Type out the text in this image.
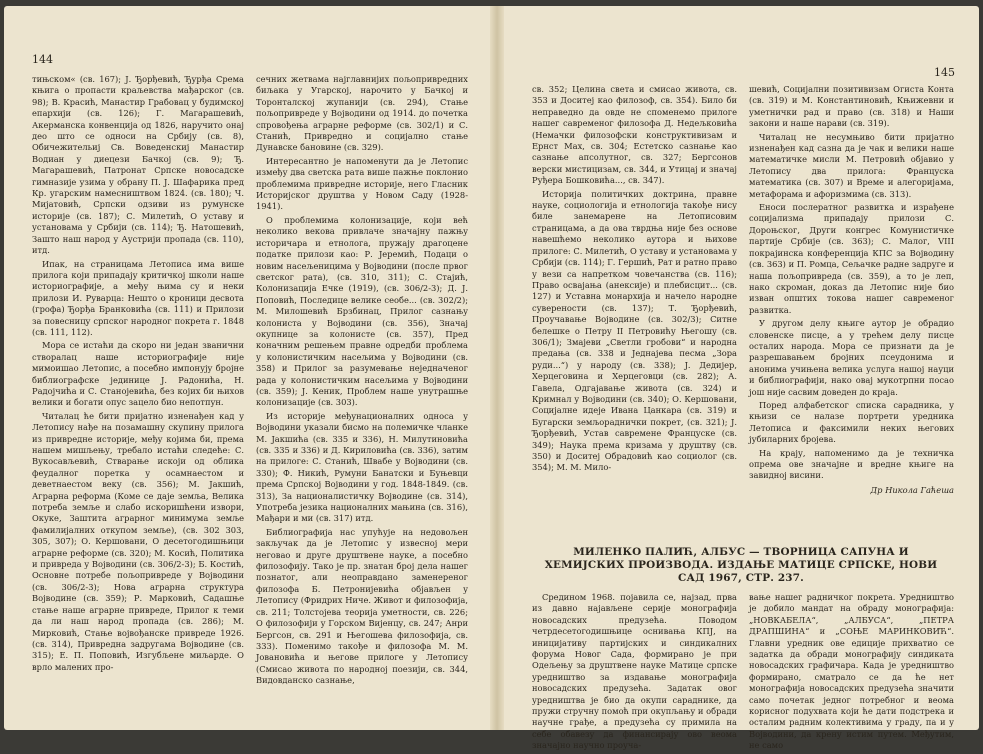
144

тињском« (св. 167); Ј. Ђорђевић, Ђурђа Срема књига о пропасти краљевства мађарског (св. 98); В. Красић, Манастир Грабовац у будимској епархији (св. 126); Г. Магарашевић, Акерманска конвенција од 1826, наручито онај део што се односи на Србију (св. 8), Обичежительиј Св. Воведенскиј Манастир Водиан у диецези Бачкој (св. 9); Ђ. Магарашевић, Патронат Српске новосадске гимназије узима у обрану П. Ј. Шафарика пред Кр. угарским намесништвом 1824. (св. 180); Ч. Мијатовић, Српски одзиви из румунске историје (св. 187); С. Милетић, О уставу и установама у Србији (св. 114); Ђ. Натошевић, Зашто наш народ у Аустрији пропада (св. 110), итд.

Ипак, на страницама Летописа има више прилога који припадају критичкој школи наше историографије, а међу њима су и неки прилози И. Руварца: Нешто о кроници десвота (грофа) Ђорђа Бранковића (св. 111) и Прилози за повесницу српског народног покрета г. 1848 (св. 111, 112).

Мора се истаћи да скоро ни један званични створалац наше историографије није мимоишао Летопис, а посебно импонују бројне библиографске јединице Ј. Радонића, Н. Радојчића и С. Станојевића, без којих би њихов велики и богати опус зацело био непотпун.

Читалац ће бити пријатно изненађен кад у Летопису нађе на позамашну скупину прилога из привредне историје, међу којима би, према нашем мишљењу, требало истаћи следеће: С. Вукосављевић, Стварање искоји од облика феудалног поретка у осамнаестом и деветнаестом веку (св. 356); М. Јакшић, Аграрна реформа (Коме се даје земља, Велика потреба земље и слабо искоришћени извори, Окуке, Заштита аграрног минимума земље фамилијалних откупом земље), (св. 302 303, 305, 307); О. Кершовани, О десетогодишњици аграрне реформе (св. 320); М. Косић, Политика и привреда у Војводини (св. 306/2-3); Б. Костић, Основне потребе пољопривреде у Војводини (св. 306/2-3); Нова аграрна структура Војводине (св. 359); Р. Марковић, Садашње стање наше аграрне привреде, Прилог к теми да ли наш народ пропада (св. 286); М. Мирковић, Стање војвођанске привреде 1926. (св. 314), Привредна задругама Војводине (св. 315); Е. П. Поповић, Изгубљене миљарде. О врло малених про-

сечних жетвама најглавнијих пољопривредних биљака у Угарској, нарочито у Бачкој и Торонталској жупанији (св. 294), Стање пољопривреде у Војводини од 1914. до почетка спровођења аграрне реформе (св. 302/1) и С. Станић, Привредно и социјално стање Дунавске бановине (св. 329).

Интересантно је напоменути да је Летопис између два светска рата више пажње поклонио проблемима привредне историје, него Гласник Историјског друштва у Новом Саду (1928-1941).

О проблемима колонизације, који већ неколико векова привлаче значајну пажњу историчара и етнолога, пружају драгоцене податке прилози као: Р. Јеремић, Подаци о новим насељеницима у Војводини (после првог светског рата), (св. 310, 311); С. Стајић, Колонизација Ечке (1919), (св. 306/2-3); Д. Ј. Поповић, Последице велике сеобе... (св. 302/2); М. Милошевић Брзбинац, Прилог сазнању колониста у Војводини (св. 356), Значај окупнице за колонисте (св. 357), Пред коначним решењем правне одредби проблема у колонистичким насељима у Војводини (св. 358) и Прилог за разумевање неједначеног рада у колонистичким насељима у Војводини (св. 359); Ј. Кеник, Проблем наше унутрашње колонизације (св. 303).

Из историје међунационалних односа у Војводини указали бисмо на полемичке чланке М. Јакшића (св. 335 и 336), Н. Милутиновића (св. 335 и 336) и Д. Кириловића (св. 336), затим на прилоге: С. Станић, Швабе у Војводини (св. 330); Ф. Никић, Румуни Банатски и Буњевци према Српској Војводини у год. 1848-1849. (св. 313), За националистичку Војводине (св. 314), Употреба језика националних мањина (св. 316), Мађари и ми (св. 317) итд.

Библиографија нас упућује на недовољен закључак да је Летопис у извесној мери неговао и друге друштвене науке, а посебно филозофију. Тако је пр. знатан број дела нашег познатог, али неоправдано заменереног филозофа Б. Петронијевића објављен у Летопису (Фридрих Ниче. Живот и филозофија, св. 211; Толстојева теорија уметности, св. 226; О филозофији у Горском Вијенцу, св. 247; Анри Бергсон, св. 291 и Његошева филозофија, св. 333). Поменимо такође и филозофа М. М. Јовановића и његове прилоге у Летопису (Смисао живота по народној поезији, св. 344, Видовданско сазнање,

145

св. 352; Целина света и смисао живота, св. 353 и Доситеј као филозоф, св. 354). Било би неправедно да овде не споменемо прилоге нашег савременог филозофа Д. Недељковића (Немачки филозофски конструктивизам и Ернст Мах, св. 304; Естетско сазнање као сазнање апсолутног, св. 327; Бергсонов верски мистицизам, св. 344, и Утицај и значај Руђера Бошковића..., св. 347).

Историја политичких доктрина, правне науке, социологија и етнологија такође нису биле занемарене на Летописовим страницама, а да ова тврдња није без основе навешћемо неколико аутора и њихове прилоге: С. Милетић, О уставу и установама у Србији (св. 114); Г. Гершић, Рат и ратно право у вези са напретком човечанства (св. 116); Право освајања (анексије) и плебисцит... (св. 127) и Уставна монархија и начело народне суверености (св. 137); Т. Ђорђевић, Проучавање Војводине (св. 302/3); Ситне белешке о Петру II Петровићу Његошу (св. 306/1); Змајеви „Светли гробови“ и народна предања (св. 338 и Једнајева песма „Зора руди...“) у народу (св. 338); Ј. Дедијер, Херцеговина и Херцеговци (св. 282); А. Гавела, Одгајавање живота (св. 324) и Кримнал у Војводини (св. 340); О. Кершовани, Социјалне идеје Ивана Цанкара (св. 319) и Бугарски земљораднички покрет, (св. 321); Ј. Ђорђевић, Устав савремене Француске (св. 349); Наука према кризама у друштву (св. 350) и Доситеј Обрадовић као социолог (св. 354); М. М. Мило-

шевић, Социјални позитивизам Огиста Конта (св. 319) и М. Константиновић, Књижевни и уметнички рад и право (св. 318) и Наши закони и наше нарави (св. 319).

Читалац не несумњиво бити пријатно изненађен кад сазна да је чак и велики наше математичке мисли М. Петровић објавио у Летопису два прилога: Француска математика (св. 307) и Време и алегоријама, метафорама и афоризмима (св. 313).

Еноси послератног развитка и израђене социјализма припадају прилози С. Дороњског, Други конгрес Комунистичке партије Србије (св. 363); С. Малог, VIII покрајинска конференција КПС за Војводину (св. 363) и П. Ромца, Сељачке радне задруге и наша пољопривреда (св. 359), а то је леп, нако скроман, доказ да Летопис није био изван општих токова нашег савременог развитка.

У другом делу књиге аутор је обрадио словенске писце, а у трећем делу писце осталих народа. Мора се признати да је разрешавањем бројних псеудонима и анонима учињена велика услуга нашој науци и библиографији, нако овај мукотрпни посао још није сасвим доведен до краја.

Поред алфабетског списка сарадника, у књизи се налазе портрети уредника Летописа и факсимили неких његових јубиларних бројева.

На крају, напоменимо да је техничка опрема ове значајне и вредне књиге на завидној висини.

Др Никола Гаћеша
МИЛЕНКО ПАЛИЋ, АЛБУС — ТВОРНИЦА САПУНА И ХЕМИЈСКИХ ПРОИЗВОДА. ИЗДАЊЕ МАТИЦЕ СРПСКЕ, НОВИ САД 1967, СТР. 237.

Средином 1968. појавила се, најзад, прва из давно најављене серије монографија новосадских предузећа. Поводом четрдесетогодишњице оснивања КПЈ, на иницијативу партијских и синдикалних форума Новог Сада, формирано је при Одељењу за друштвене науке Матице српске уредништво за издавање монографија новосадских предузећа. Задатак овог уредништва је био да окупи сараднике, да пружи стручну помоћ при окупљању и обради научне грађе, а предузећа су примила на себе обавезу да финансирају ово веома значајно научно проуча-

вање нашег радничког покрета. Уредништво је добило мандат на обраду монографија: „НОВКАБЕЛА“, „АЛБУСА“, „ПЕТРА ДРАПШИНА“ и „СОЊЕ МАРИНКОВИЋ“. Главни уредник ове едиције прихватио се задатка да обради монографију синдиката новосадских графичара. Када је уредништво формирано, сматрало се да ће нет монографија новосадских предузећа значити само почетак једног потребног и веома корисног подухвата који ће дати подстрека и осталим радним колективима у граду, па и у Војводини, да крену истим путем. Међутим, не само
